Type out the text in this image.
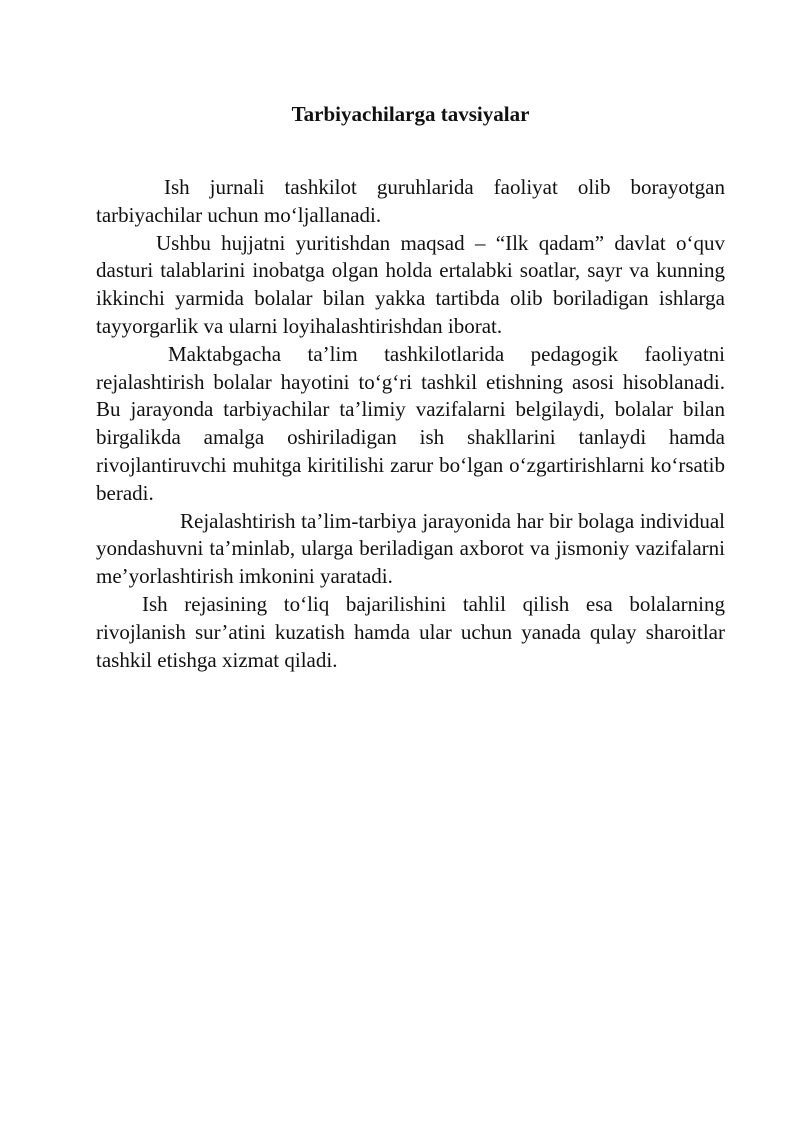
Tarbiyachilarga tavsiyalar

Ish jurnali tashkilot guruhlarida faoliyat olib borayotgan tarbiyachilar uchun mo‘ljallanadi.

Ushbu hujjatni yuritishdan maqsad – “Ilk qadam” davlat o‘quv dasturi talablarini inobatga olgan holda ertalabki soatlar, sayr va kunning ikkinchi yarmida bolalar bilan yakka tartibda olib boriladigan ishlarga tayyorgarlik va ularni loyihalashtirishdan iborat.

Maktabgacha ta’lim tashkilotlarida pedagogik faoliyatni rejalashtirish bolalar hayotini to‘g‘ri tashkil etishning asosi hisoblanadi. Bu jarayonda tarbiyachilar ta’limiy vazifalarni belgilaydi, bolalar bilan birgalikda amalga oshiriladigan ish shakllarini tanlaydi hamda rivojlantiruvchi muhitga kiritilishi zarur bo‘lgan o‘zgartirishlarni ko‘rsatib beradi.

Rejalashtirish ta’lim-tarbiya jarayonida har bir bolaga individual yondashuvni ta’minlab, ularga beriladigan axborot va jismoniy vazifalarni me’yorlashtirish imkonini yaratadi.

Ish rejasining to‘liq bajarilishini tahlil qilish esa bolalarning rivojlanish sur’atini kuzatish hamda ular uchun yanada qulay sharoitlar tashkil etishga xizmat qiladi.
